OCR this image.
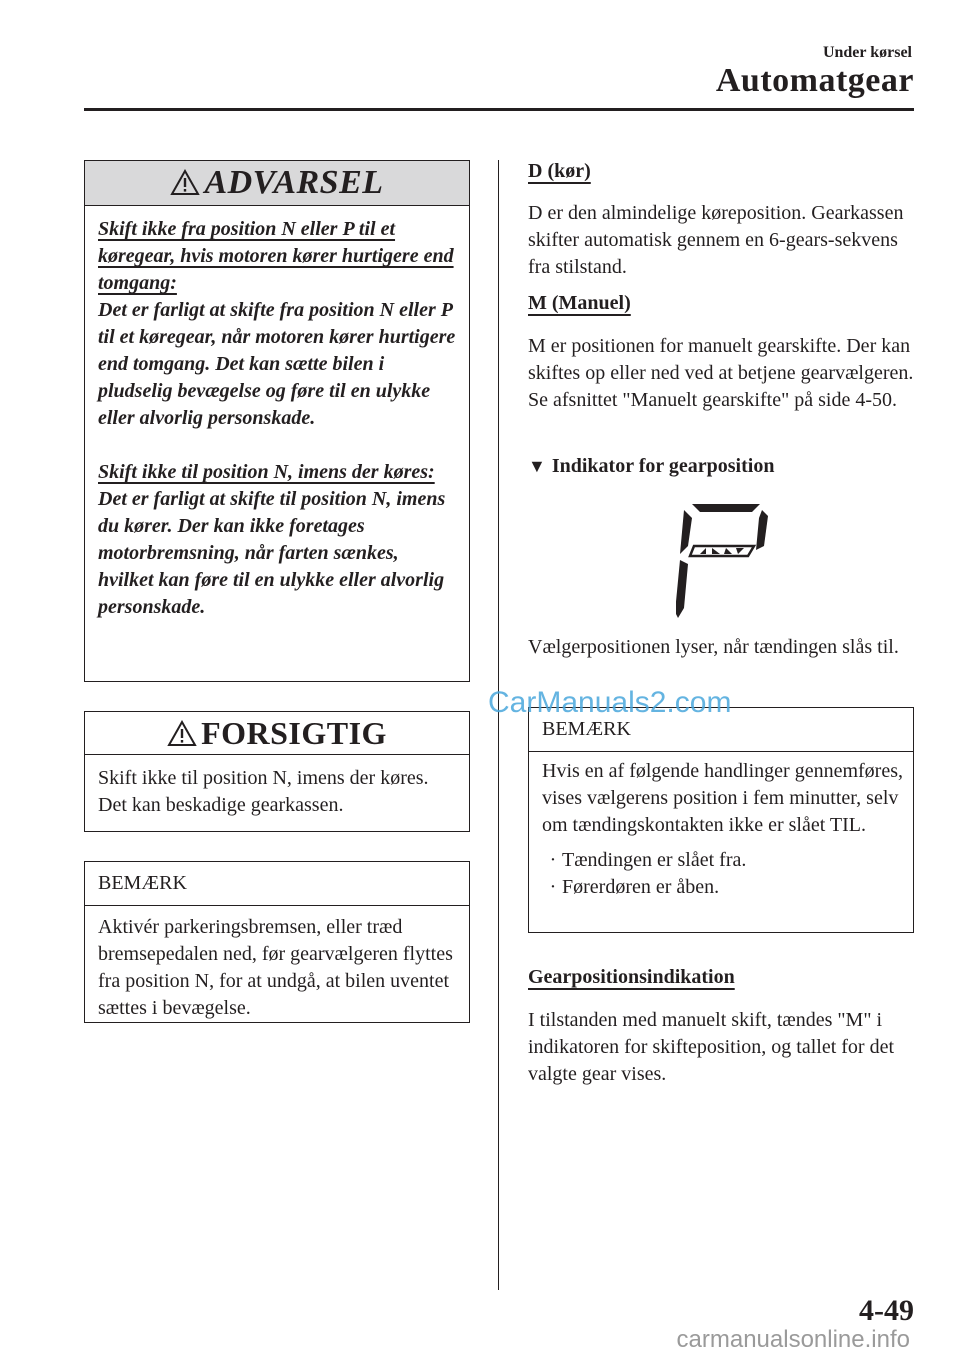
Under kørsel
Automatgear
ADVARSEL

Skift ikke fra position N eller P til et køregear, hvis motoren kører hurtigere end tomgang:

Det er farligt at skifte fra position N eller P til et køregear, når motoren kører hurtigere end tomgang. Det kan sætte bilen i pludselig bevægelse og føre til en ulykke eller alvorlig personskade.

Skift ikke til position N, imens der køres:

Det er farligt at skifte til position N, imens du kører. Der kan ikke foretages motorbremsning, når farten sænkes, hvilket kan føre til en ulykke eller alvorlig personskade.

FORSIGTIG
Skift ikke til position N, imens der køres. Det kan beskadige gearkassen.
BEMÆRK
Aktivér parkeringsbremsen, eller træd bremsepedalen ned, før gearvælgeren flyttes fra position N, for at undgå, at bilen uventet sættes i bevægelse.
D (kør)
D er den almindelige køreposition. Gearkassen skifter automatisk gennem en 6-gears-sekvens fra stilstand.
M (Manuel)
M er positionen for manuelt gearskifte. Der kan skiftes op eller ned ved at betjene gearvælgeren. Se afsnittet "Manuelt gearskifte" på side 4-50.
▼ Indikator for gearposition
Vælgerpositionen lyser, når tændingen slås til.
BEMÆRK
Hvis en af følgende handlinger gennemføres, vises vælgerens position i fem minutter, selv om tændingskontakten ikke er slået TIL.
· Tændingen er slået fra.
· Førerdøren er åben.
Gearpositionsindikation
I tilstanden med manuelt skift, tændes "M" i indikatoren for skifteposition, og tallet for det valgte gear vises.
CarManuals2.com
4-49
carmanualsonline.info
